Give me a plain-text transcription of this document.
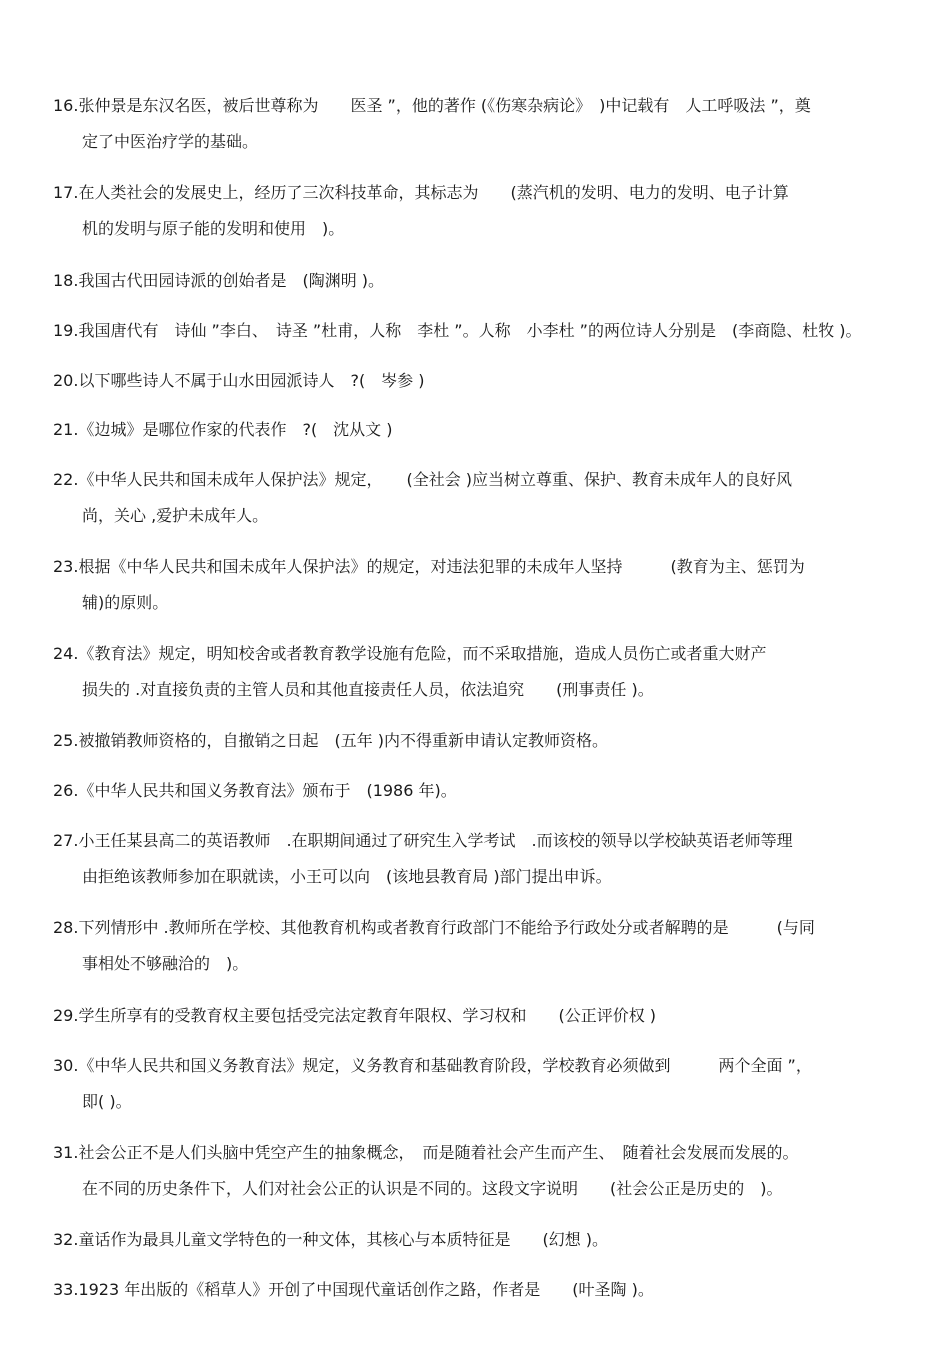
16.张仲景是东汉名医，被后世尊称为　　医圣 ”，他的著作 (《伤寒杂病论》　)中记载有　人工呼吸法 ”，奠
定了中医治疗学的基础。
17.在人类社会的发展史上，经历了三次科技革命，其标志为　　(蒸汽机的发明、电力的发明、电子计算
机的发明与原子能的发明和使用　)。
18.我国古代田园诗派的创始者是　(陶渊明 )。
19.我国唐代有　诗仙 ”李白、　诗圣 ”杜甫，人称　李杜 ”。人称　小李杜 ”的两位诗人分别是　(李商隐、杜牧 )。
20.以下哪些诗人不属于山水田园派诗人　?(　岑参 )
21.《边城》是哪位作家的代表作　?(　沈从文 )
22.《中华人民共和国未成年人保护法》规定，　　(全社会 )应当树立尊重、保护、教育未成年人的良好风
尚，关心 ,爱护未成年人。
23.根据《中华人民共和国未成年人保护法》的规定，对违法犯罪的未成年人坚持　　　(教育为主、惩罚为
辅)的原则。
24.《教育法》规定，明知校舍或者教育教学设施有危险，而不采取措施，造成人员伤亡或者重大财产
损失的 .对直接负责的主管人员和其他直接责任人员，依法追究　　(刑事责任 )。
25.被撤销教师资格的，自撤销之日起　(五年 )内不得重新申请认定教师资格。
26.《中华人民共和国义务教育法》颁布于　(1986 年)。
27.小王任某县高二的英语教师　.在职期间通过了研究生入学考试　.而该校的领导以学校缺英语老师等理
由拒绝该教师参加在职就读，小王可以向　(该地县教育局 )部门提出申诉。
28.下列情形中 .教师所在学校、其他教育机构或者教育行政部门不能给予行政处分或者解聘的是　　　(与同
事相处不够融洽的　)。
29.学生所享有的受教育权主要包括受完法定教育年限权、学习权和　　(公正评价权 )
30.《中华人民共和国义务教育法》规定，义务教育和基础教育阶段，学校教育必须做到　　　两个全面 ”，
即( )。
31.社会公正不是人们头脑中凭空产生的抽象概念，　而是随着社会产生而产生、　随着社会发展而发展的。
在不同的历史条件下，人们对社会公正的认识是不同的。这段文字说明　　(社会公正是历史的　)。
32.童话作为最具儿童文学特色的一种文体，其核心与本质特征是　　(幻想 )。
33.1923 年出版的《稻草人》开创了中国现代童话创作之路，作者是　　(叶圣陶 )。
